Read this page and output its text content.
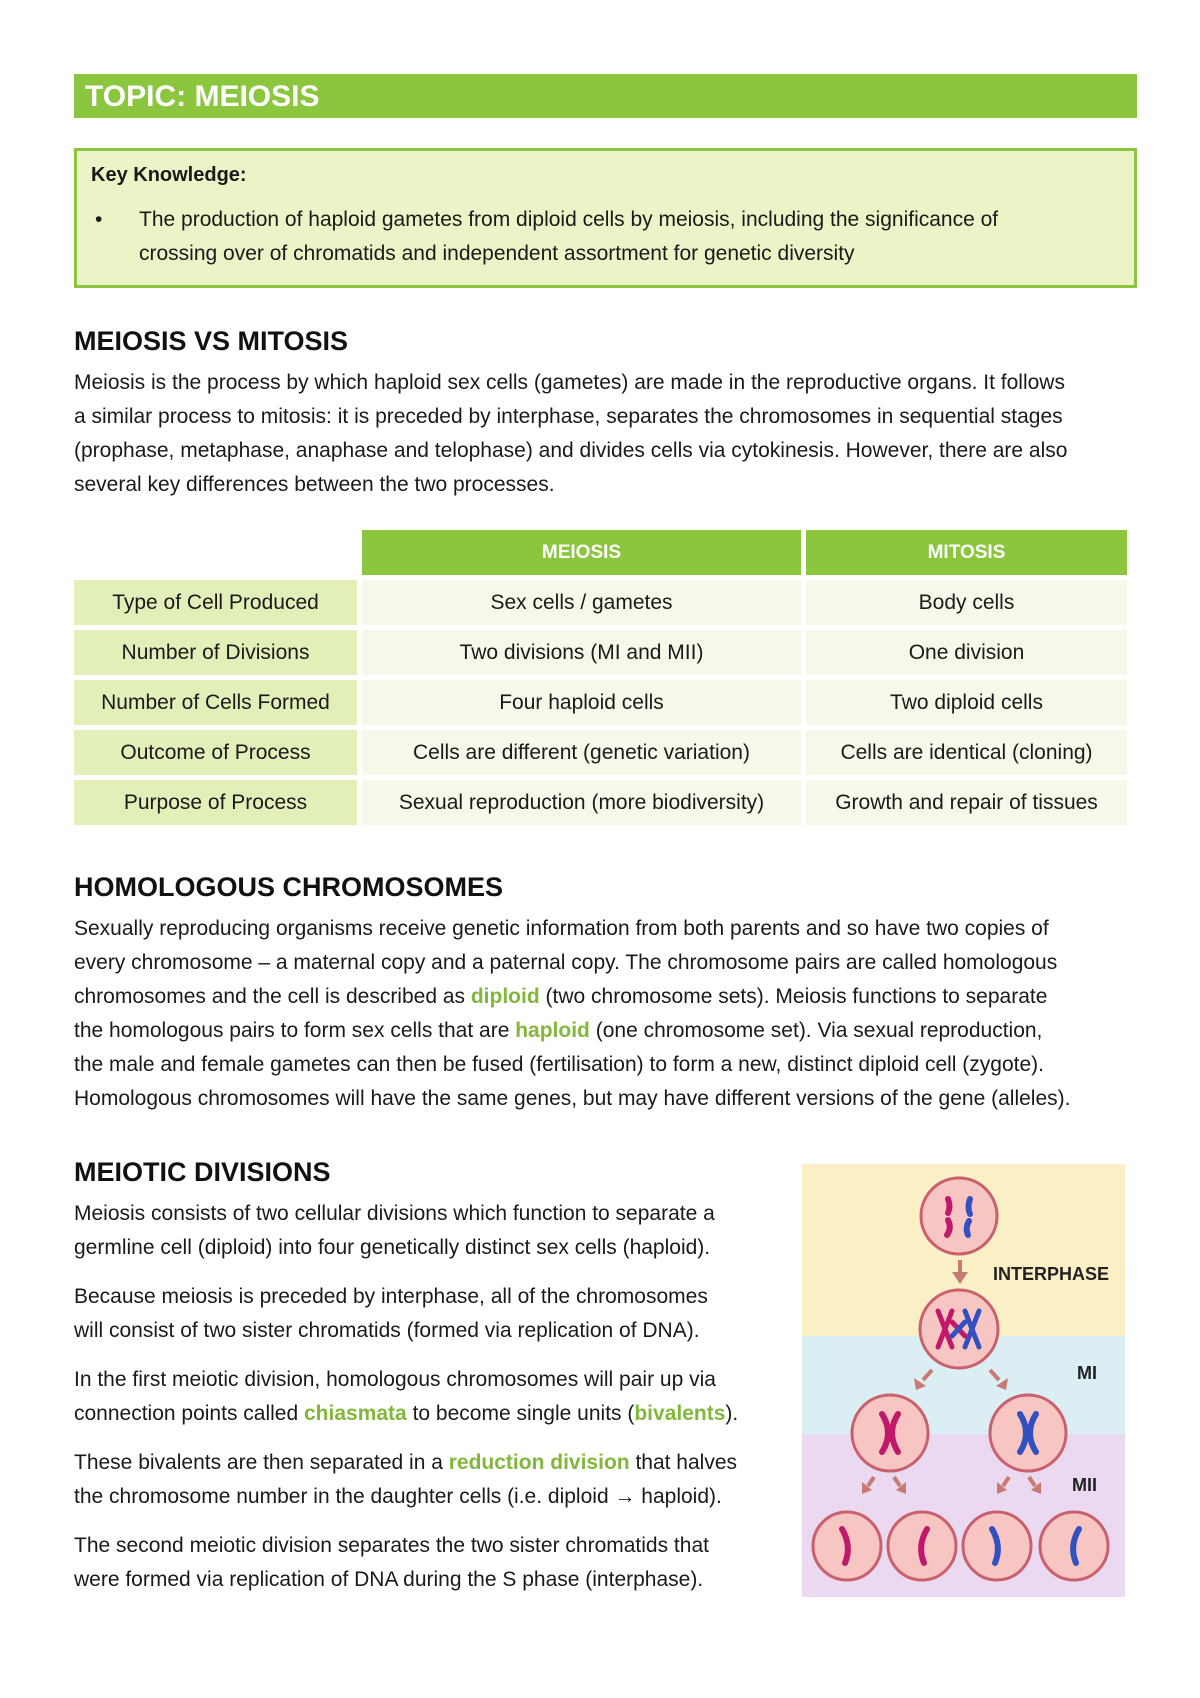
TOPIC: MEIOSIS
Key Knowledge:
•	The production of haploid gametes from diploid cells by meiosis, including the significance of
crossing over of chromatids and independent assortment for genetic diversity
MEIOSIS VS MITOSIS
Meiosis is the process by which haploid sex cells (gametes) are made in the reproductive organs. It follows
a similar process to mitosis: it is preceded by interphase, separates the chromosomes in sequential stages
(prophase, metaphase, anaphase and telophase) and divides cells via cytokinesis. However, there are also
several key differences between the two processes.
	MEIOSIS	MITOSIS
Type of Cell Produced	Sex cells / gametes	Body cells
Number of Divisions	Two divisions (MI and MII)	One division
Number of Cells Formed	Four haploid cells	Two diploid cells
Outcome of Process	Cells are different (genetic variation)	Cells are identical (cloning)
Purpose of Process	Sexual reproduction (more biodiversity)	Growth and repair of tissues
HOMOLOGOUS CHROMOSOMES
Sexually reproducing organisms receive genetic information from both parents and so have two copies of
every chromosome – a maternal copy and a paternal copy. The chromosome pairs are called homologous
chromosomes and the cell is described as diploid (two chromosome sets). Meiosis functions to separate
the homologous pairs to form sex cells that are haploid (one chromosome set). Via sexual reproduction,
the male and female gametes can then be fused (fertilisation) to form a new, distinct diploid cell (zygote).
Homologous chromosomes will have the same genes, but may have different versions of the gene (alleles).
MEIOTIC DIVISIONS
Meiosis consists of two cellular divisions which function to separate a
germline cell (diploid) into four genetically distinct sex cells (haploid).
Because meiosis is preceded by interphase, all of the chromosomes
will consist of two sister chromatids (formed via replication of DNA).
In the first meiotic division, homologous chromosomes will pair up via
connection points called chiasmata to become single units (bivalents).
These bivalents are then separated in a reduction division that halves
the chromosome number in the daughter cells (i.e. diploid → haploid).
The second meiotic division separates the two sister chromatids that
were formed via replication of DNA during the S phase (interphase).
INTERPHASE
MI
MII
